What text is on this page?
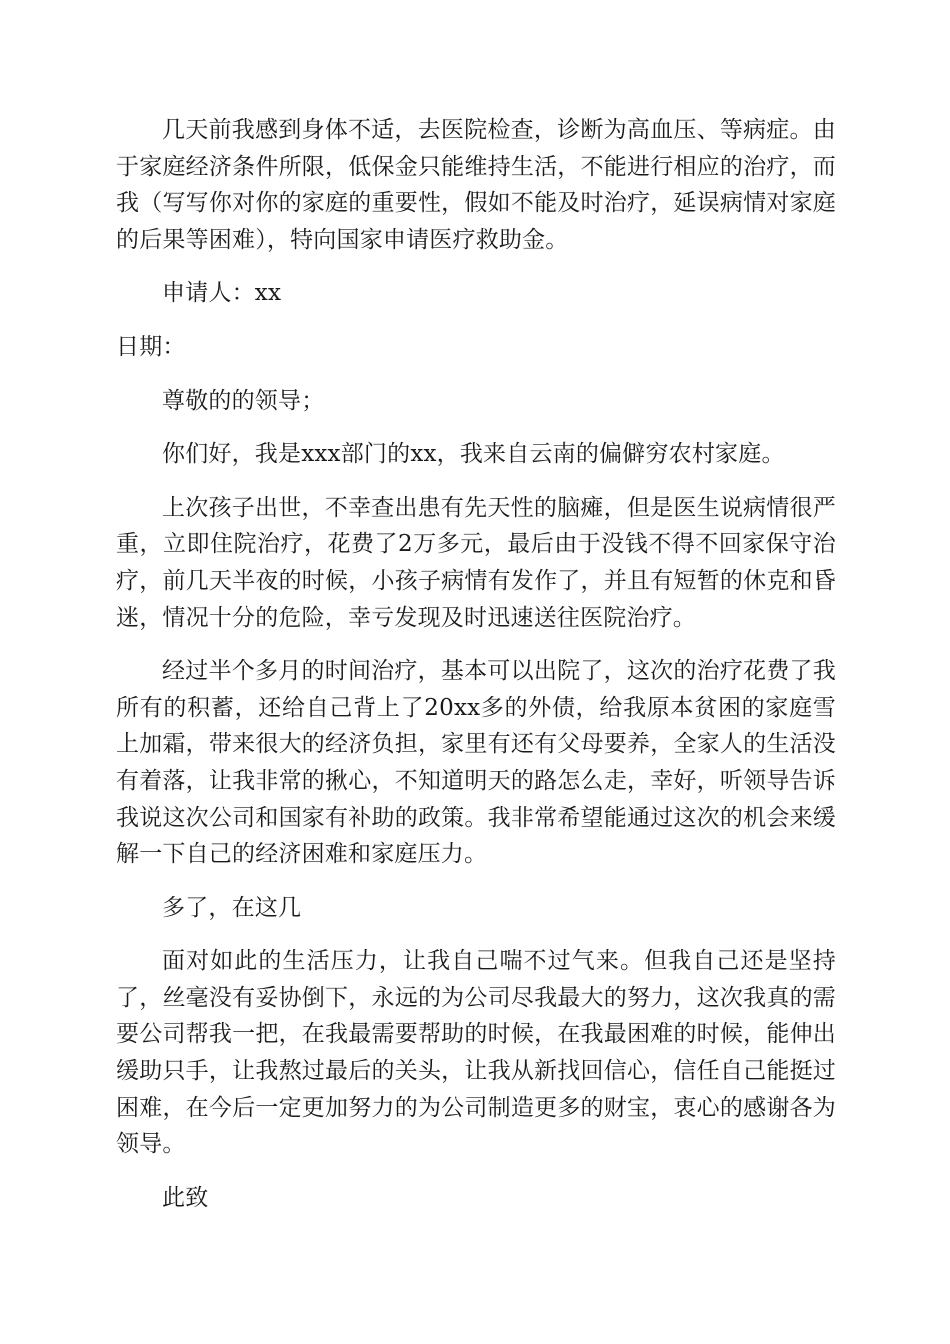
几天前我感到身体不适，去医院检查，诊断为高血压、等病症。由于家庭经济条件所限，低保金只能维持生活，不能进行相应的治疗，而我（写写你对你的家庭的重要性，假如不能及时治疗，延误病情对家庭的后果等困难），特向国家申请医疗救助金。

申请人：xx

日期：

尊敬的的领导；

你们好，我是xxx部门的xx，我来自云南的偏僻穷农村家庭。

上次孩子出世，不幸查出患有先天性的脑瘫，但是医生说病情很严重，立即住院治疗，花费了2万多元，最后由于没钱不得不回家保守治疗，前几天半夜的时候，小孩子病情有发作了，并且有短暂的休克和昏迷，情况十分的危险，幸亏发现及时迅速送往医院治疗。

经过半个多月的时间治疗，基本可以出院了，这次的治疗花费了我所有的积蓄，还给自己背上了20xx多的外债，给我原本贫困的家庭雪上加霜，带来很大的经济负担，家里有还有父母要养，全家人的生活没有着落，让我非常的揪心，不知道明天的路怎么走，幸好，听领导告诉我说这次公司和国家有补助的政策。我非常希望能通过这次的机会来缓解一下自己的经济困难和家庭压力。

多了，在这几

面对如此的生活压力，让我自己喘不过气来。但我自己还是坚持了，丝毫没有妥协倒下，永远的为公司尽我最大的努力，这次我真的需要公司帮我一把，在我最需要帮助的时候，在我最困难的时候，能伸出缓助只手，让我熬过最后的关头，让我从新找回信心，信任自己能挺过困难，在今后一定更加努力的为公司制造更多的财宝，衷心的感谢各为领导。

此致
